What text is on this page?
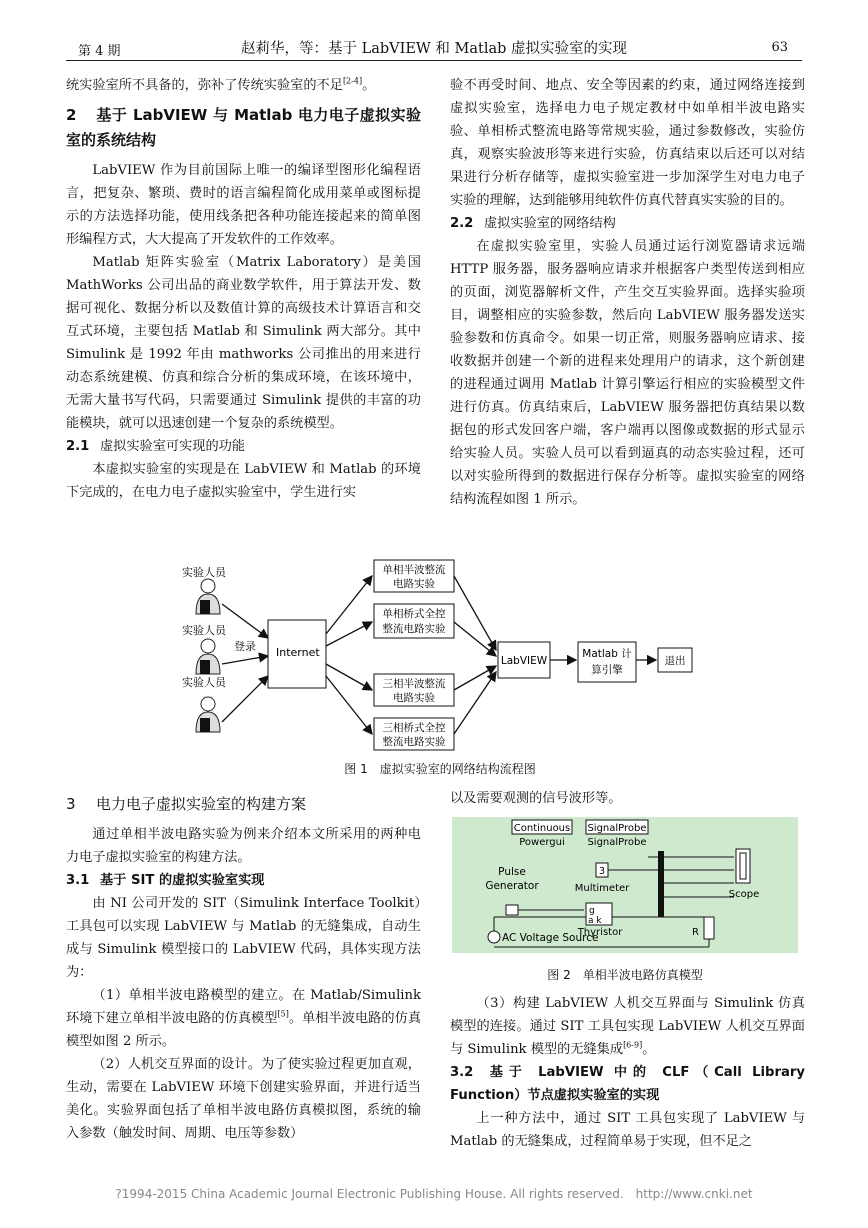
第 4 期	赵莉华，等：基于 LabVIEW 和 Matlab 虚拟实验室的实现	63

统实验室所不具备的，弥补了传统实验室的不足[2-4]。

2 基于 LabVIEW 与 Matlab 电力电子虚拟实验室的系统结构

LabVIEW 作为目前国际上唯一的编译型图形化编程语言，把复杂、繁琐、费时的语言编程简化成用菜单或图标提示的方法选择功能，使用线条把各种功能连接起来的简单图形编程方式，大大提高了开发软件的工作效率。

Matlab 矩阵实验室（Matrix Laboratory）是美国 MathWorks 公司出品的商业数学软件，用于算法开发、数据可视化、数据分析以及数值计算的高级技术计算语言和交互式环境，主要包括 Matlab 和 Simulink 两大部分。其中 Simulink 是 1992 年由 mathworks 公司推出的用来进行动态系统建模、仿真和综合分析的集成环境，在该环境中，无需大量书写代码，只需要通过 Simulink 提供的丰富的功能模块，就可以迅速创建一个复杂的系统模型。

2.1 虚拟实验室可实现的功能

本虚拟实验室的实现是在 LabVIEW 和 Matlab 的环境下完成的，在电力电子虚拟实验室中，学生进行实

验不再受时间、地点、安全等因素的约束，通过网络连接到虚拟实验室，选择电力电子规定教材中如单相半波电路实验、单相桥式整流电路等常规实验，通过参数修改，实验仿真，观察实验波形等来进行实验，仿真结束以后还可以对结果进行分析存储等，虚拟实验室进一步加深学生对电力电子实验的理解，达到能够用纯软件仿真代替真实实验的目的。

2.2 虚拟实验室的网络结构

在虚拟实验室里，实验人员通过运行浏览器请求远端 HTTP 服务器，服务器响应请求并根据客户类型传送到相应的页面，浏览器解析文件，产生交互实验界面。选择实验项目，调整相应的实验参数，然后向 LabVIEW 服务器发送实验参数和仿真命令。如果一切正常，则服务器响应请求、接收数据并创建一个新的进程来处理用户的请求，这个新创建的进程通过调用 Matlab 计算引擎运行相应的实验模型文件进行仿真。仿真结束后，LabVIEW 服务器把仿真结果以数据包的形式发回客户端，客户端再以图像或数据的形式显示给实验人员。实验人员可以看到逼真的动态实验过程，还可以对实验所得到的数据进行保存分析等。虚拟实验室的网络结构流程如图 1 所示。

实验人员
实验人员
实验人员
登录 Internet
单相半波整流
电路实验
单相桥式全控
整流电路实验
三相半波整流
电路实验
三相桥式全控
整流电路实验
LabVIEW
Matlab 计
算引擎
退出
图 1　虚拟实验室的网络结构流程图
3 电力电子虚拟实验室的构建方案

通过单相半波电路实验为例来介绍本文所采用的两种电力电子虚拟实验室的构建方法。

3.1 基于 SIT 的虚拟实验室实现

由 NI 公司开发的 SIT（Simulink Interface Toolkit）工具包可以实现 LabVIEW 与 Matlab 的无缝集成，自动生成与 Simulink 模型接口的 LabVIEW 代码，具体实现方法为：

（1）单相半波电路模型的建立。在 Matlab/Simulink 环境下建立单相半波电路的仿真模型[5]。单相半波电路的仿真模型如图 2 所示。

（2）人机交互界面的设计。为了使实验过程更加直观，生动，需要在 LabVIEW 环境下创建实验界面，并进行适当美化。实验界面包括了单相半波电路仿真模拟图，系统的输入参数（触发时间、周期、电压等参数）

以及需要观测的信号波形等。

Continuous
Powergui
SignalProbe
SignalProbe
Pulse
Generator
3
Multimeter
Scope
g
a k
Thyristor	R
AC Voltage Source
图 2　单相半波电路仿真模型

（3）构建 LabVIEW 人机交互界面与 Simulink 仿真模型的连接。通过 SIT 工具包实现 LabVIEW 人机交互界面与 Simulink 模型的无缝集成[6-9]。

3.2 基于 LabVIEW 中的 CLF（Call Library Function）节点虚拟实验室的实现

上一种方法中，通过 SIT 工具包实现了 LabVIEW 与 Matlab 的无缝集成，过程简单易于实现，但不足之

?1994-2015 China Academic Journal Electronic Publishing House. All rights reserved.　http://www.cnki.net
